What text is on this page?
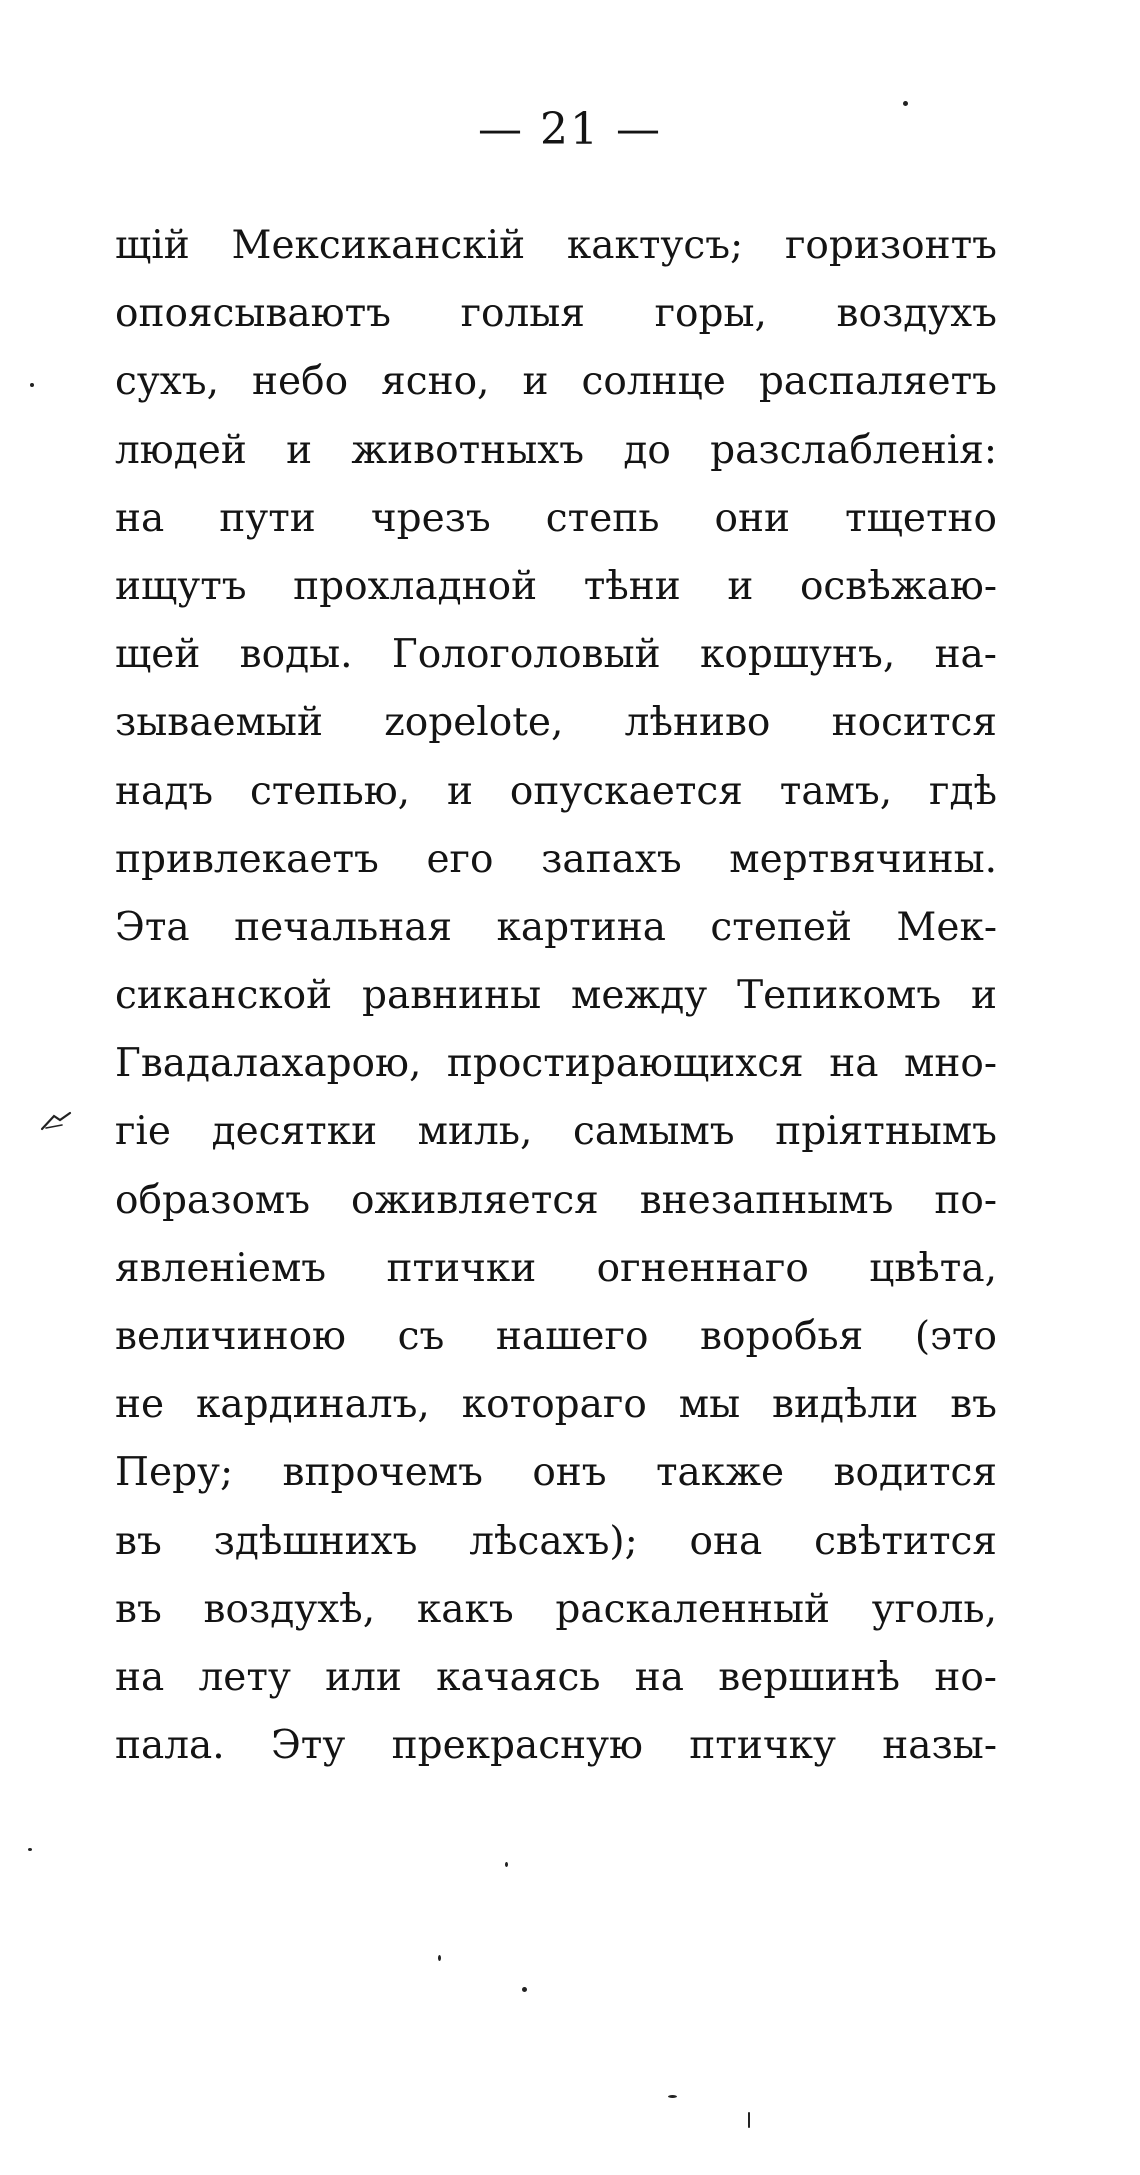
— 21 —
щій Мексиканскій кактусъ; горизонтъ
опоясываютъ голыя горы, воздухъ
сухъ, небо ясно, и солнце распаляетъ
людей и животныхъ до разслабленія:
на пути чрезъ степь они тщетно
ищутъ прохладной тѣни и освѣжаю-
щей воды. Гологоловый коршунъ, на-
зываемый zopelote, лѣниво носится
надъ степью, и опускается тамъ, гдѣ
привлекаетъ его запахъ мертвячины.
Эта печальная картина степей Мек-
сиканской равнины между Тепикомъ и
Гвадалахарою, простирающихся на мно-
гіе десятки миль, самымъ пріятнымъ
образомъ оживляется внезапнымъ по-
явленіемъ птички огненнаго цвѣта,
величиною съ нашего воробья (это
не кардиналъ, котораго мы видѣли въ
Перу; впрочемъ онъ также водится
въ здѣшнихъ лѣсахъ); она свѣтится
въ воздухѣ, какъ раскаленный уголь,
на лету или качаясь на вершинѣ но-
пала. Эту прекрасную птичку назы-
